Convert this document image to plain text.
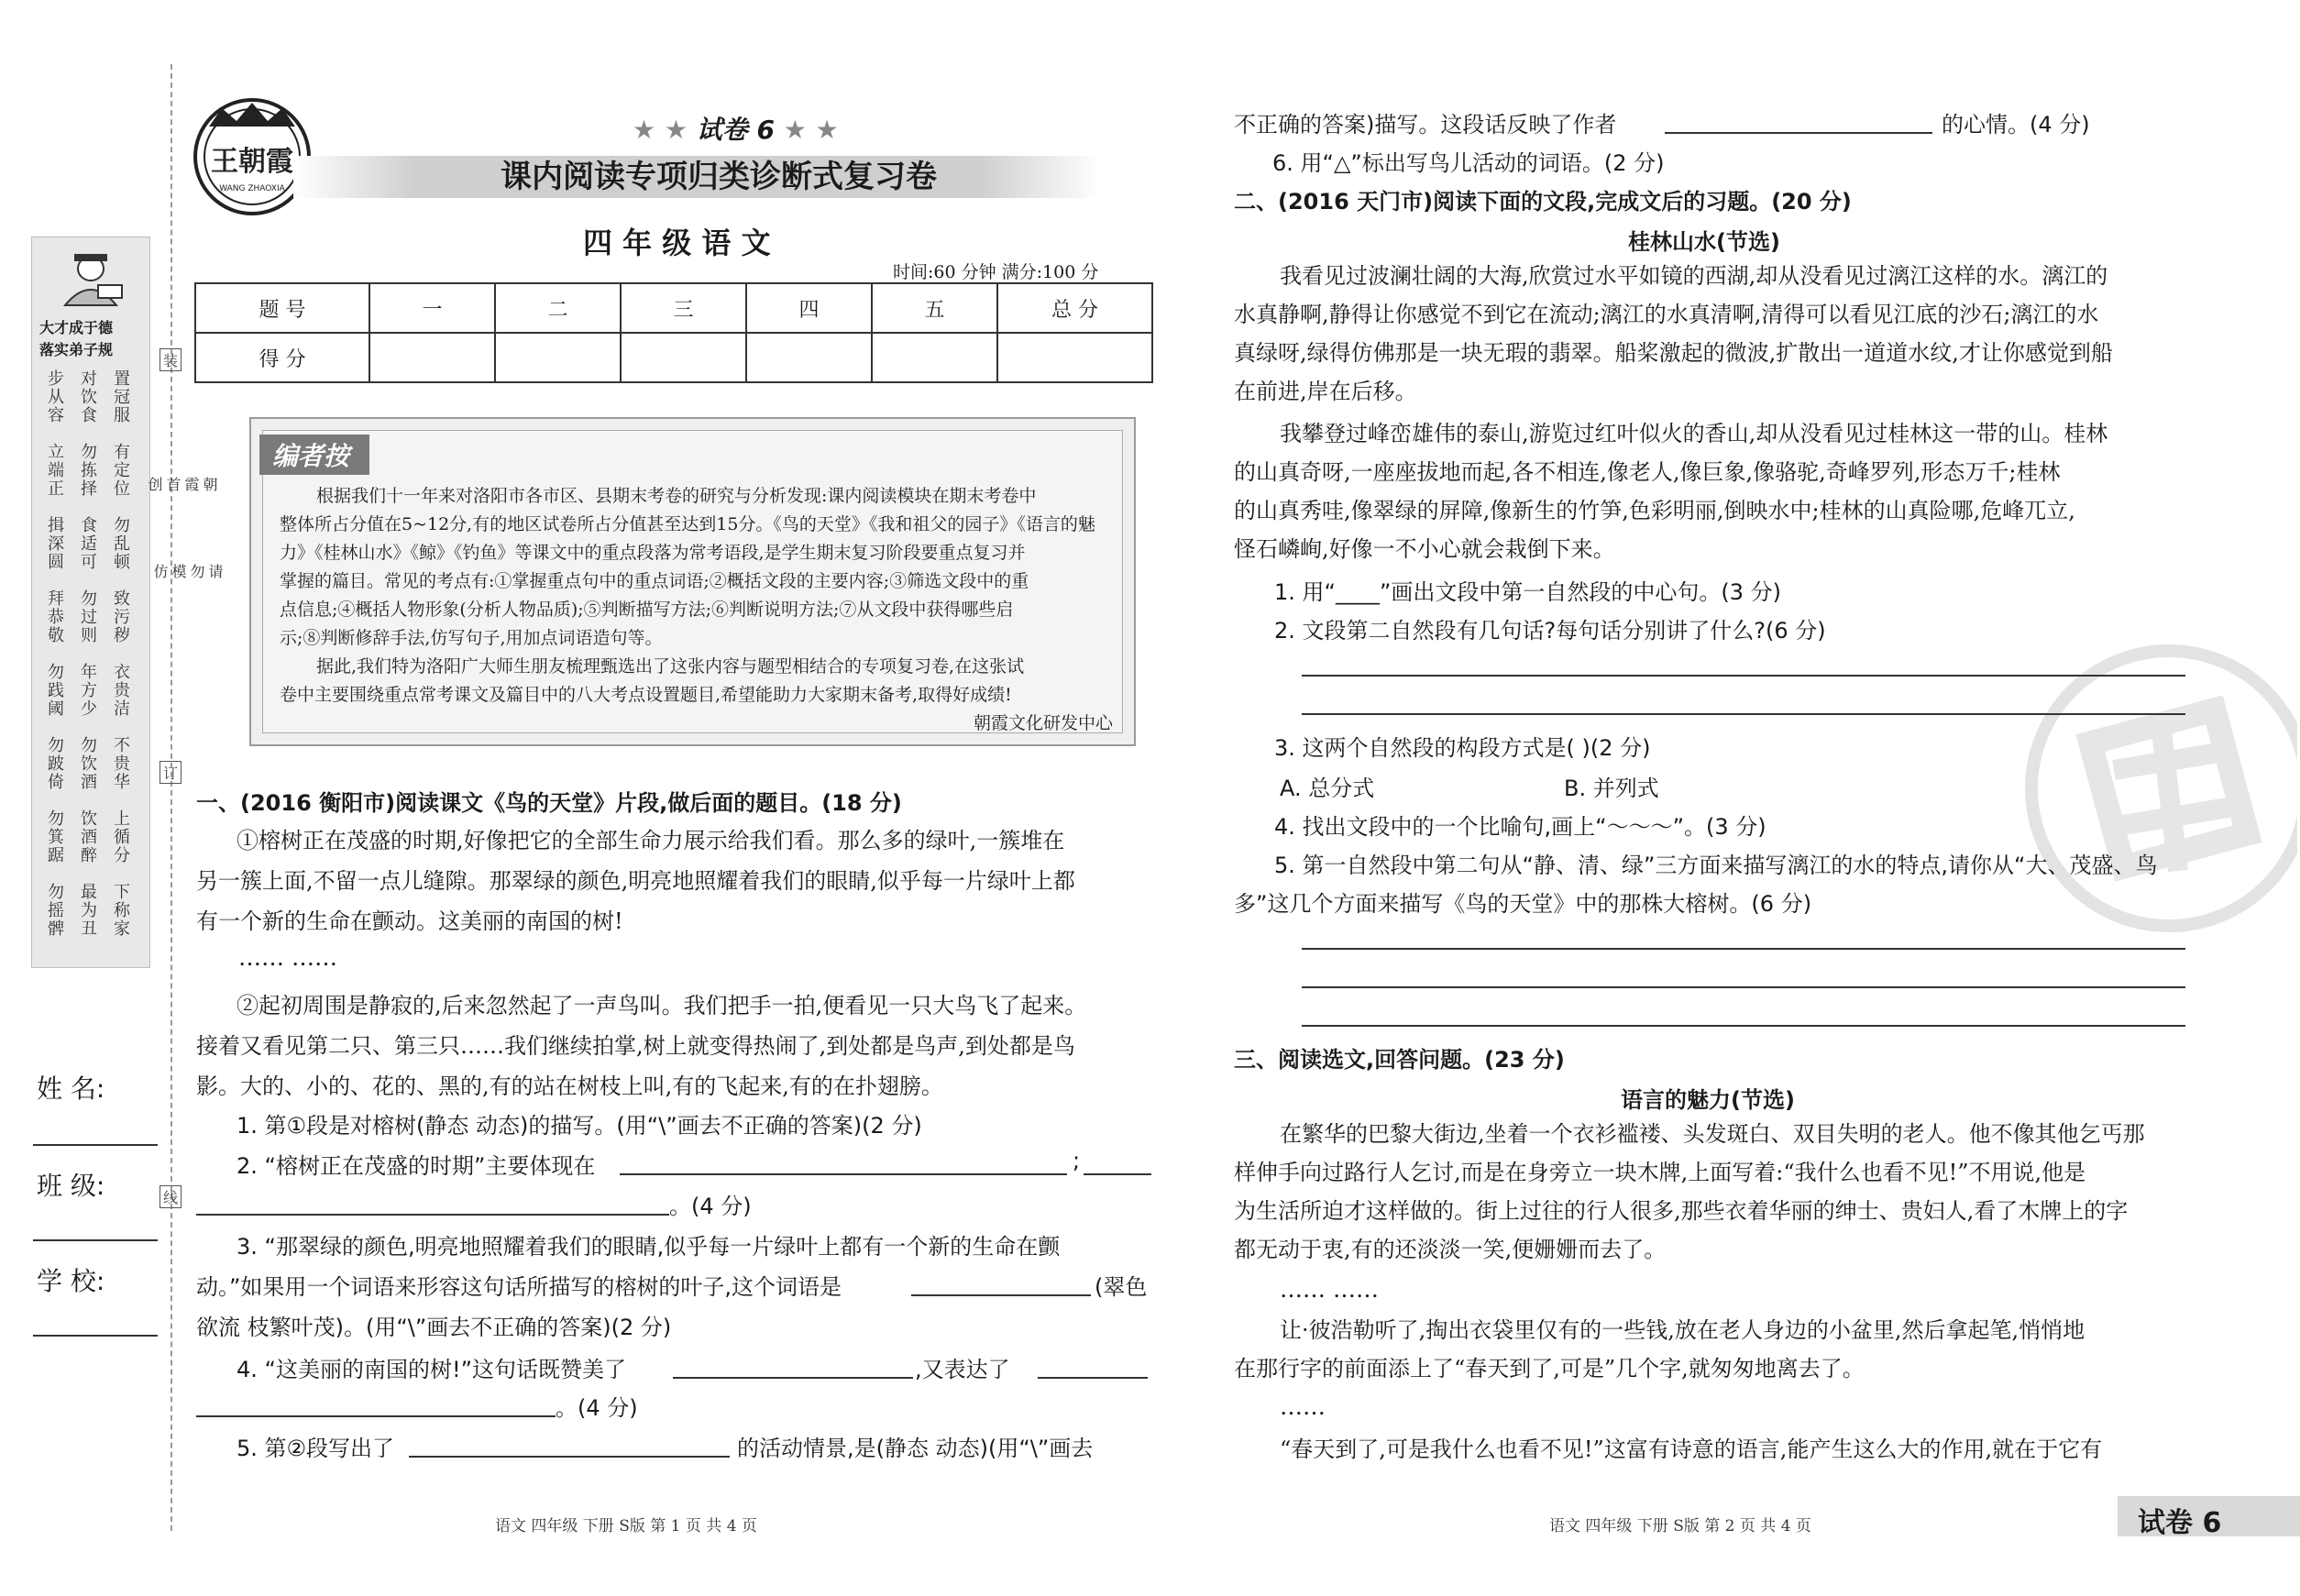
大才成于德
落实弟子规
步从容 对饮食 置冠服
立端正 勿拣择 有定位
揖深圆 食适可 勿乱顿
拜恭敬 勿过则 致污秽
勿践阈 年方少 衣贵洁
勿跛倚 勿饮酒 不贵华
勿箕踞 饮酒醉 上循分
勿摇髀 最为丑 下称家
朝霞首创
请勿模仿
装
订
线
姓 名:
班 级:
学 校:
王朝霞
WANG ZHAOXIA
★ ★ 试卷 6 ★ ★
课内阅读专项归类诊断式复习卷
四 年 级 语 文
时间:60 分钟 满分:100 分
题 号	一	二	三	四	五	总 分
得 分						
编者按
根据我们十一年来对洛阳市各市区、县期末考卷的研究与分析发现:课内阅读模块在期末考卷中
整体所占分值在5~12分,有的地区试卷所占分值甚至达到15分。《鸟的天堂》《我和祖父的园子》《语言的魅
力》《桂林山水》《鲸》《钓鱼》等课文中的重点段落为常考语段,是学生期末复习阶段要重点复习并
掌握的篇目。常见的考点有:①掌握重点句中的重点词语;②概括文段的主要内容;③筛选文段中的重
点信息;④概括人物形象(分析人物品质);⑤判断描写方法;⑥判断说明方法;⑦从文段中获得哪些启
示;⑧判断修辞手法,仿写句子,用加点词语造句等。
据此,我们特为洛阳广大师生朋友梳理甄选出了这张内容与题型相结合的专项复习卷,在这张试
卷中主要围绕重点常考课文及篇目中的八大考点设置题目,希望能助力大家期末备考,取得好成绩!
朝霞文化研发中心
一、(2016 衡阳市)阅读课文《鸟的天堂》片段,做后面的题目。(18 分)
①榕树正在茂盛的时期,好像把它的全部生命力展示给我们看。那么多的绿叶,一簇堆在
另一簇上面,不留一点儿缝隙。那翠绿的颜色,明亮地照耀着我们的眼睛,似乎每一片绿叶上都
有一个新的生命在颤动。这美丽的南国的树!
…… ……
②起初周围是静寂的,后来忽然起了一声鸟叫。我们把手一拍,便看见一只大鸟飞了起来。
接着又看见第二只、第三只……我们继续拍掌,树上就变得热闹了,到处都是鸟声,到处都是鸟
影。大的、小的、花的、黑的,有的站在树枝上叫,有的飞起来,有的在扑翅膀。
1. 第①段是对榕树(静态 动态)的描写。(用“\”画去不正确的答案)(2 分)
2. “榕树正在茂盛的时期”主要体现在	;
。(4 分)
3. “那翠绿的颜色,明亮地照耀着我们的眼睛,似乎每一片绿叶上都有一个新的生命在颤
动。”如果用一个词语来形容这句话所描写的榕树的叶子,这个词语是	(翠色
欲流 枝繁叶茂)。(用“\”画去不正确的答案)(2 分)
4. “这美丽的南国的树!”这句话既赞美了	,又表达了
。(4 分)
5. 第②段写出了	的活动情景,是(静态 动态)(用“\”画去
语文 四年级 下册 S版 第 1 页 共 4 页
不正确的答案)描写。这段话反映了作者	的心情。(4 分)
6. 用“△”标出写鸟儿活动的词语。(2 分)
二、(2016 天门市)阅读下面的文段,完成文后的习题。(20 分)
桂林山水(节选)
我看见过波澜壮阔的大海,欣赏过水平如镜的西湖,却从没看见过漓江这样的水。漓江的
水真静啊,静得让你感觉不到它在流动;漓江的水真清啊,清得可以看见江底的沙石;漓江的水
真绿呀,绿得仿佛那是一块无瑕的翡翠。船桨激起的微波,扩散出一道道水纹,才让你感觉到船
在前进,岸在后移。
我攀登过峰峦雄伟的泰山,游览过红叶似火的香山,却从没看见过桂林这一带的山。桂林
的山真奇呀,一座座拔地而起,各不相连,像老人,像巨象,像骆驼,奇峰罗列,形态万千;桂林
的山真秀哇,像翠绿的屏障,像新生的竹笋,色彩明丽,倒映水中;桂林的山真险哪,危峰兀立,
怪石嶙峋,好像一不小心就会栽倒下来。
1. 用“____”画出文段中第一自然段的中心句。(3 分)
2. 文段第二自然段有几句话?每句话分别讲了什么?(6 分)
3. 这两个自然段的构段方式是( )(2 分)
A. 总分式	B. 并列式
4. 找出文段中的一个比喻句,画上“～～～”。(3 分)
5. 第一自然段中第二句从“静、清、绿”三方面来描写漓江的水的特点,请你从“大、茂盛、鸟
多”这几个方面来描写《鸟的天堂》中的那株大榕树。(6 分)
三、阅读选文,回答问题。(23 分)
语言的魅力(节选)
在繁华的巴黎大街边,坐着一个衣衫褴褛、头发斑白、双目失明的老人。他不像其他乞丐那
样伸手向过路行人乞讨,而是在身旁立一块木牌,上面写着:“我什么也看不见!”不用说,他是
为生活所迫才这样做的。街上过往的行人很多,那些衣着华丽的绅士、贵妇人,看了木牌上的字
都无动于衷,有的还淡淡一笑,便姗姗而去了。
…… ……
让·彼浩勒听了,掏出衣袋里仅有的一些钱,放在老人身边的小盆里,然后拿起笔,悄悄地
在那行字的前面添上了“春天到了,可是”几个字,就匆匆地离去了。
……
“春天到了,可是我什么也看不见!”这富有诗意的语言,能产生这么大的作用,就在于它有
语文 四年级 下册 S版 第 2 页 共 4 页	试卷 6
